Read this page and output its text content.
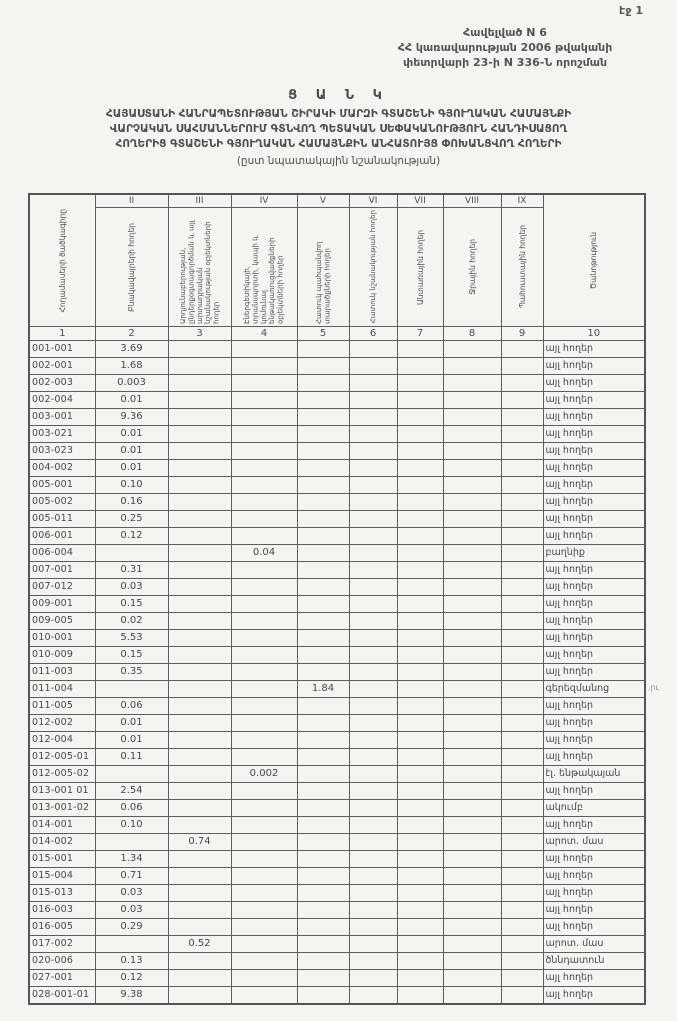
էջ 1
Հավելված N 6
ՀՀ կառավարության 2006 թվականի
փետրվարի 23-ի N 336-Ն որոշման
Ց Ա Ն Կ
ՀԱՅԱՍՏԱՆԻ ՀԱՆՐԱՊԵՏՈՒԹՅԱՆ ՇԻՐԱԿԻ ՄԱՐԶԻ ԳՏԱՇԵՆԻ ԳՅՈՒՂԱԿԱՆ ՀԱՄԱՅՆՔԻ
ՎԱՐՉԱԿԱՆ ՍԱՀՄԱՆՆԵՐՈՒՄ ԳՏՆՎՈՂ ՊԵՏԱԿԱՆ ՍԵՓԱԿԱՆՈՒԹՅՈՒՆ ՀԱՆԴԻՍԱՑՈՂ
ՀՈՂԵՐԻՑ ԳՏԱՇԵՆԻ ԳՅՈՒՂԱԿԱՆ ՀԱՄԱՅՆՔԻՆ ԱՆՀԱՏՈՒՅՑ ՓՈԽԱՆՑՎՈՂ ՀՈՂԵՐԻ
(ըստ նպատակային նշանակության)
Հողամասերի ծածկագիրը	II	III	IV	V	VI	VII	VIII	IX	Ծանոթություն

	Բնակավայրերի հողեր	Արդյունաբերության, ընդերքօգտագործման և այլ արտադրական նշանակության օբյեկտների հողեր	Էներգետիկայի, տրանսպորտի, կապի և կոմունալ ենթակառուցվածքների օբյեկտների հողեր	Հատուկ պահպանվող տարածքների հողեր	Հատուկ նշանակության հողեր	Անտառային հողեր	Ջրային հողեր	Պահուստային հողեր	

1	2	3	4	5	6	7	8	9	10
001-001	3.69								այլ հողեր
002-001	1.68								այլ հողեր
002-003	0.003								այլ հողեր
002-004	0.01								այլ հողեր
003-001	9.36								այլ հողեր
003-021	0.01								այլ հողեր
003-023	0.01								այլ հողեր
004-002	0.01								այլ հողեր
005-001	0.10								այլ հողեր
005-002	0.16								այլ հողեր
005-011	0.25								այլ հողեր
006-001	0.12								այլ հողեր
006-004			0.04						բաղնիք
007-001	0.31								այլ հողեր
007-012	0.03								այլ հողեր
009-001	0.15								այլ հողեր
009-005	0.02								այլ հողեր
010-001	5.53								այլ հողեր
010-009	0.15								այլ հողեր
011-003	0.35								այլ հողեր
011-004				1.84					գերեզմանոց
011-005	0.06								այլ հողեր
012-002	0.01								այլ հողեր
012-004	0.01								այլ հողեր
012-005-01	0.11								այլ հողեր
012-005-02			0.002						էլ. ենթակայան
013-001 01	2.54								այլ հողեր
013-001-02	0.06								ակումբ
014-001	0.10								այլ հողեր
014-002		0.74							արոտ. մաս
015-001	1.34								այլ հողեր
015-004	0.71								այլ հողեր
015-013	0.03								այլ հողեր
016-003	0.03								այլ հողեր
016-005	0.29								այլ հողեր
017-002		0.52							արոտ. մաս
020-006	0.13								ծննդատուն
027-001	0.12								այլ հողեր
028-001-01	9.38								այլ հողեր
.րւ
